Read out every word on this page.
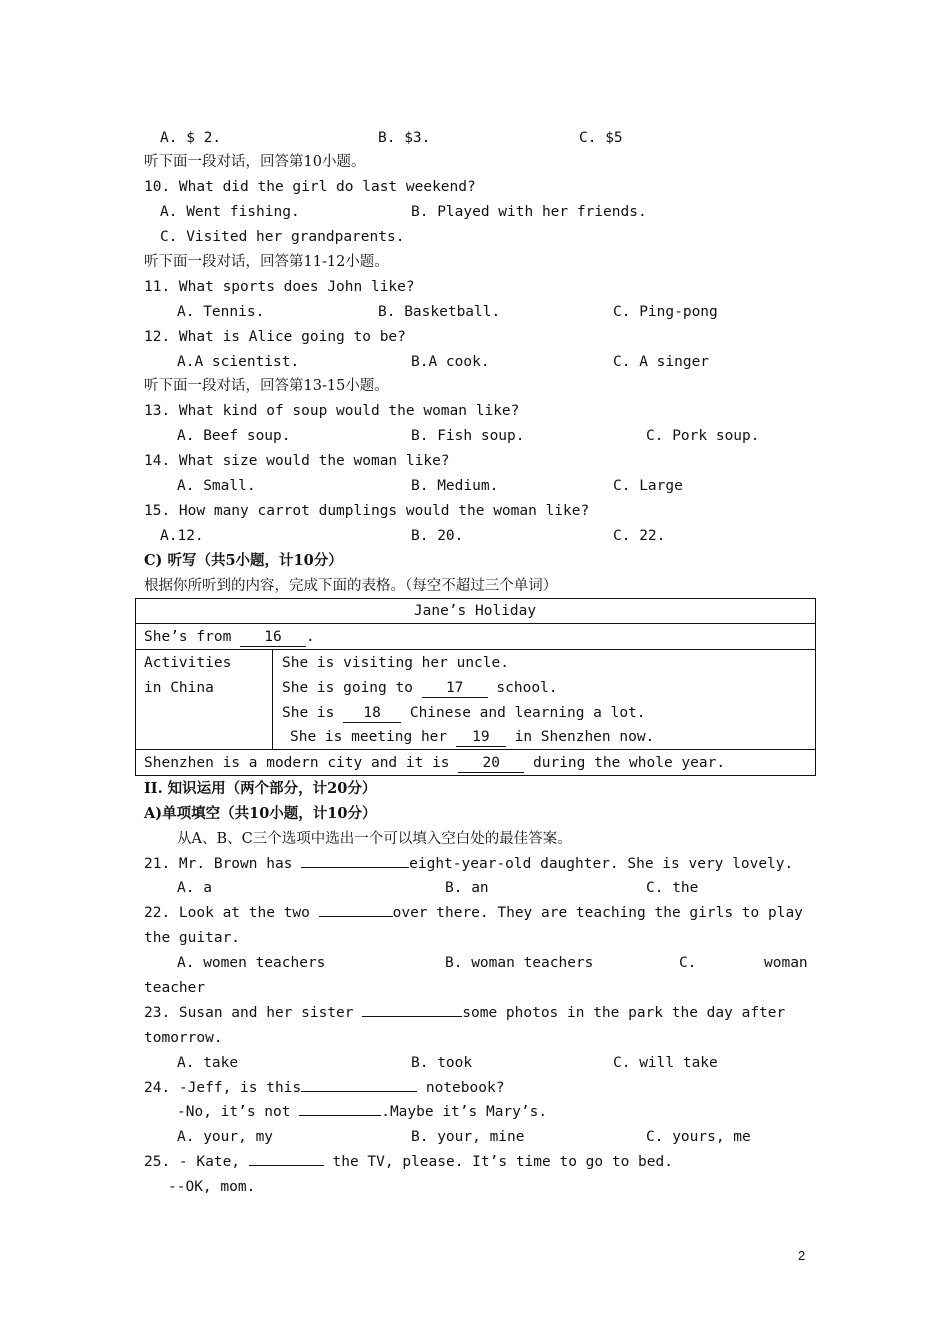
A. $ 2.	B. $3.	C. $5
听下面一段对话，回答第10小题。
10. What did the girl do last weekend?
A. Went fishing.	B. Played with her friends.
C. Visited her grandparents.
听下面一段对话，回答第11-12小题。
11. What sports does John like?
A. Tennis.	B. Basketball.	C. Ping-pong
12. What is Alice going to be?
A.A scientist.	B.A cook.	C. A singer
听下面一段对话，回答第13-15小题。
13. What kind of soup would the woman like?
A. Beef soup.	B. Fish soup.	C. Pork soup.
14. What size would the woman like?
A. Small.	B. Medium.	C. Large
15. How many carrot dumplings would the woman like?
A.12.	B. 20.	C. 22.
C) 听写（共5小题，计10分）
根据你所听到的内容，完成下面的表格。（每空不超过三个单词）
Jane’s Holiday
She’s from 16 .
Activities
in China
She is visiting her uncle.
She is going to 17 school.
She is 18 Chinese and learning a lot.
She is meeting her 19 in Shenzhen now.
Shenzhen is a modern city and it is 20 during the whole year.
II. 知识运用（两个部分，计20分）
A)单项填空（共10小题，计10分）
从A、B、C三个选项中选出一个可以填入空白处的最佳答案。
21. Mr. Brown has	eight-year-old daughter. She is very lovely.
A. a	B. an	C. the
22. Look at the two	over there. They are teaching the girls to play
the guitar.
A. women teachers	B. woman teachers	C.	woman
teacher
23. Susan and her sister	some photos in the park the day after
tomorrow.
A. take	B. took	C. will take
24. -Jeff, is this	notebook?
-No, it’s not	.Maybe it’s Mary’s.
A. your, my	B. your, mine	C. yours, me
25. - Kate,	the TV, please. It’s time to go to bed.
--OK, mom.
2
